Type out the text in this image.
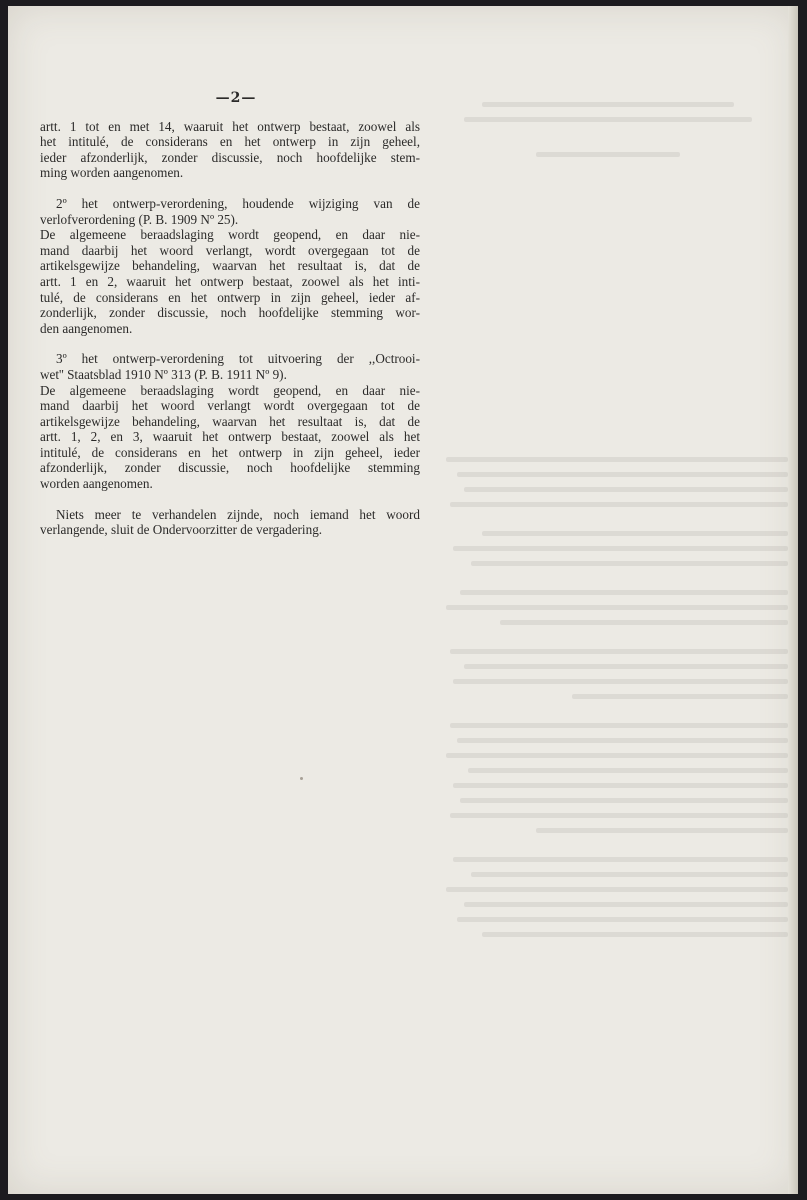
—2—
artt. 1 tot en met 14, waaruit het ontwerp bestaat, zoowel als
het intitulé, de considerans en het ontwerp in zijn geheel,
ieder afzonderlijk, zonder discussie, noch hoofdelijke stem-
ming worden aangenomen.
2º het ontwerp-verordening, houdende wijziging van de
verlofverordening (P. B. 1909 Nº 25).
De algemeene beraadslaging wordt geopend, en daar nie-
mand daarbij het woord verlangt, wordt overgegaan tot de
artikelsgewijze behandeling, waarvan het resultaat is, dat de
artt. 1 en 2, waaruit het ontwerp bestaat, zoowel als het inti-
tulé, de considerans en het ontwerp in zijn geheel, ieder af-
zonderlijk, zonder discussie, noch hoofdelijke stemming wor-
den aangenomen.
3º het ontwerp-verordening tot uitvoering der ,,Octrooi-
wet'' Staatsblad 1910 Nº 313 (P. B. 1911 Nº 9).
De algemeene beraadslaging wordt geopend, en daar nie-
mand daarbij het woord verlangt wordt overgegaan tot de
artikelsgewijze behandeling, waarvan het resultaat is, dat de
artt. 1, 2, en 3, waaruit het ontwerp bestaat, zoowel als het
intitulé, de considerans en het ontwerp in zijn geheel, ieder
afzonderlijk, zonder discussie, noch hoofdelijke stemming
worden aangenomen.
Niets meer te verhandelen zijnde, noch iemand het woord
verlangende, sluit de Ondervoorzitter de vergadering.
